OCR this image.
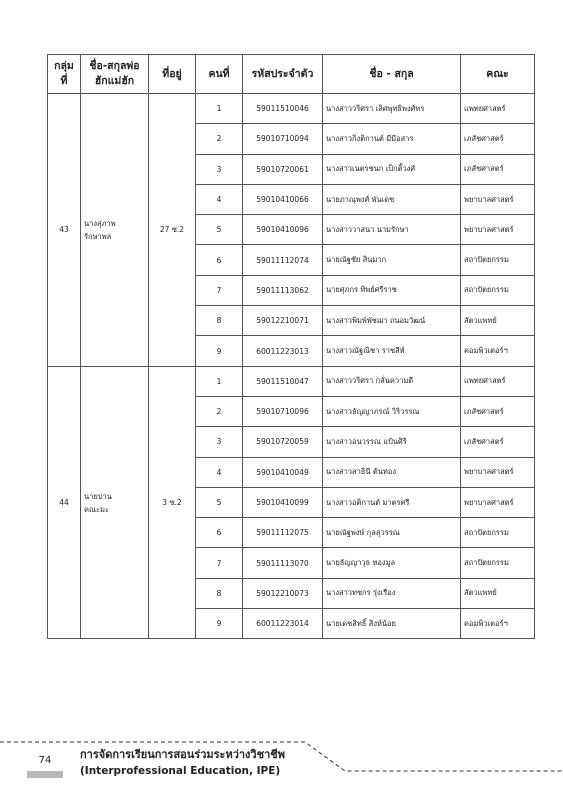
กลุ่ม
ที่	ชื่อ-สกุลพ่อ
ฮักแม่ฮัก	ที่อยู่	คนที่	รหัสประจำตัว	ชื่อ - สกุล	คณะ
43	นางสุภาพ
รักษาพล	27 ซ.2	1	59011510046	นางสาววริศรา เลิศพุทธิพงศ์ทร	แพทยศาสตร์
			2	59010710094	นางสาวกิ่งติกานต์ มีมีอสาร	เภสัชศาสตร์
			3	59010720061	นางสาวเนตรชนก เป็กติ้วงศ์	เภสัชศาสตร์
			4	59010410066	นายภาณุพงศ์ พันเดช	พยาบาลศาสตร์
			5	59010410096	นางสาววาสนา นามรักษา	พยาบาลศาสตร์
			6	59011112074	นายณัฐชัย สินมาก	สถาปัตยกรรม
			7	59011113062	นายศุภกร ทิพย์ศรีราช	สถาปัตยกรรม
			8	59012210071	นางสาวพิมพ์พัชฌา ถนอมวัฒน์	สัตวแพทย์
			9	60011223013	นางสาวณัฐณิชา ราชสีห์	คอมพิวเตอร์ฯ
44	นายปาน
คณะมะ	3 ซ.2	1	59011510047	นางสาววริศรา กลั่นความดี	แพทยศาสตร์
			2	59010710096	นางสาวธัญญาภรณ์ วิริวรรณ	เภสัชศาสตร์
			3	59010720059	นางสาวอนวรรณ แป้นศิริ	เภสัชศาสตร์
			4	59010410049	นางสาวสาธินี ต้นทอง	พยาบาลศาสตร์
			5	59010410099	นางสาวอติกานต์ มาตรศรี	พยาบาลศาสตร์
			6	59011112075	นายณัฐพงษ์ กุลสุวรรณ	สถาปัตยกรรม
			7	59011113070	นายธัญญาวุธ ทองมูล	สถาปัตยกรรม
			8	59012210073	นางสาวทชกร รุ่งเรือง	สัตวแพทย์
			9	60011223014	นายเดชสิทธิ์ สิงห์น้อย	คอมพิวเตอร์ฯ
74	การจัดการเรียนการสอนร่วมระหว่างวิชาชีพ
(Interprofessional Education, IPE)
